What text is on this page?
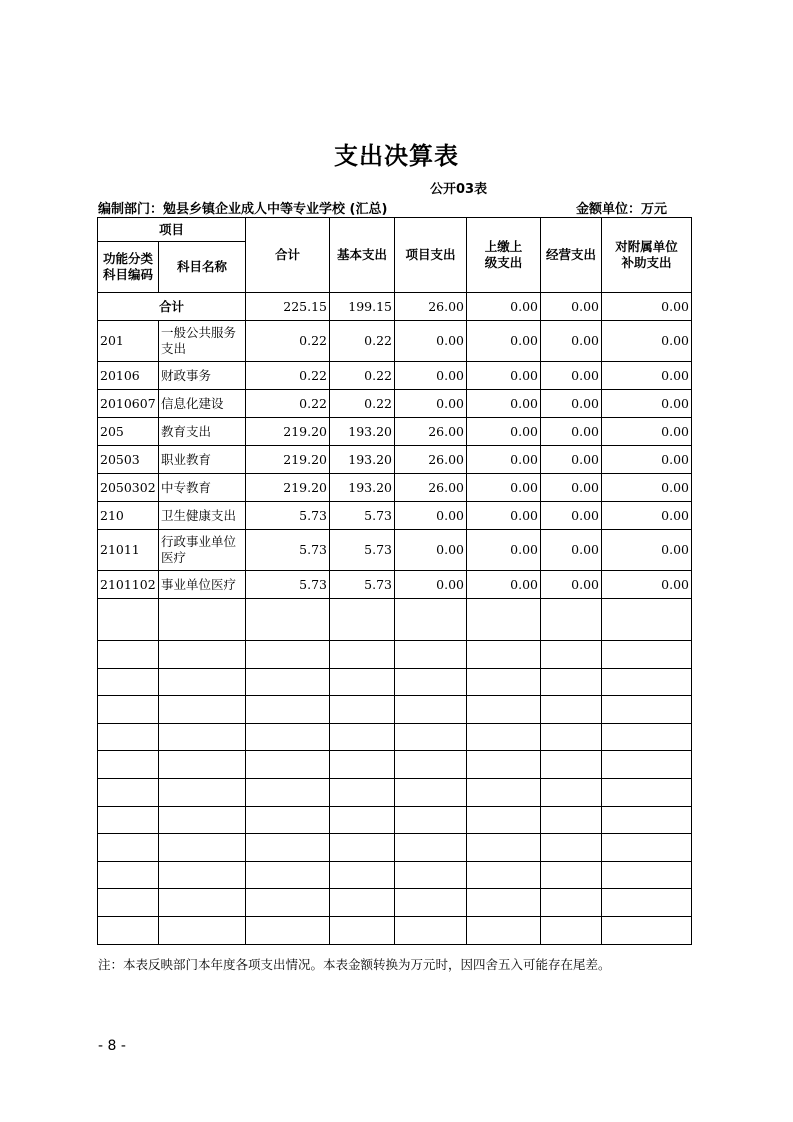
支出决算表
公开03表
编制部门：勉县乡镇企业成人中等专业学校 (汇总)	金额单位：万元
项目		合计	基本支出	项目支出	上缴上
级支出	经营支出	对附属单位
补助支出
功能分类
科目编码	科目名称						
合计		225.15	199.15	26.00	0.00	0.00	0.00
201	一般公共服务支出	0.22	0.22	0.00	0.00	0.00	0.00
20106	财政事务	0.22	0.22	0.00	0.00	0.00	0.00
2010607	信息化建设	0.22	0.22	0.00	0.00	0.00	0.00
205	教育支出	219.20	193.20	26.00	0.00	0.00	0.00
20503	职业教育	219.20	193.20	26.00	0.00	0.00	0.00
2050302	中专教育	219.20	193.20	26.00	0.00	0.00	0.00
210	卫生健康支出	5.73	5.73	0.00	0.00	0.00	0.00
21011	行政事业单位医疗	5.73	5.73	0.00	0.00	0.00	0.00
2101102	事业单位医疗	5.73	5.73	0.00	0.00	0.00	0.00

注：本表反映部门本年度各项支出情况。本表金额转换为万元时，因四舍五入可能存在尾差。
- 8 -
